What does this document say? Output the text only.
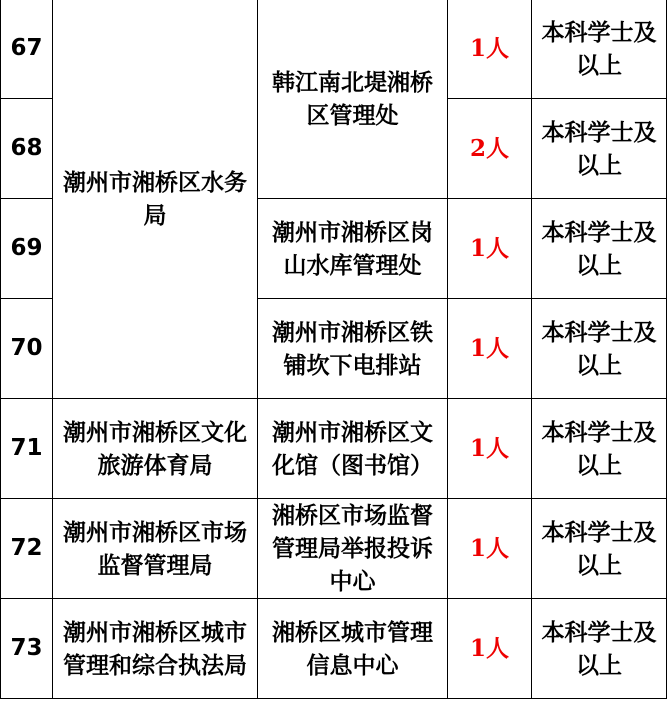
67	潮州市湘桥区水务局	韩江南北堤湘桥区管理处	1人	本科学士及以上
68			2人	本科学士及以上
69		潮州市湘桥区岗山水库管理处	1人	本科学士及以上
70		潮州市湘桥区铁铺坎下电排站	1人	本科学士及以上
71	潮州市湘桥区文化旅游体育局	潮州市湘桥区文化馆（图书馆）	1人	本科学士及以上
72	潮州市湘桥区市场监督管理局	湘桥区市场监督管理局举报投诉中心	1人	本科学士及以上
73	潮州市湘桥区城市管理和综合执法局	湘桥区城市管理信息中心	1人	本科学士及以上
